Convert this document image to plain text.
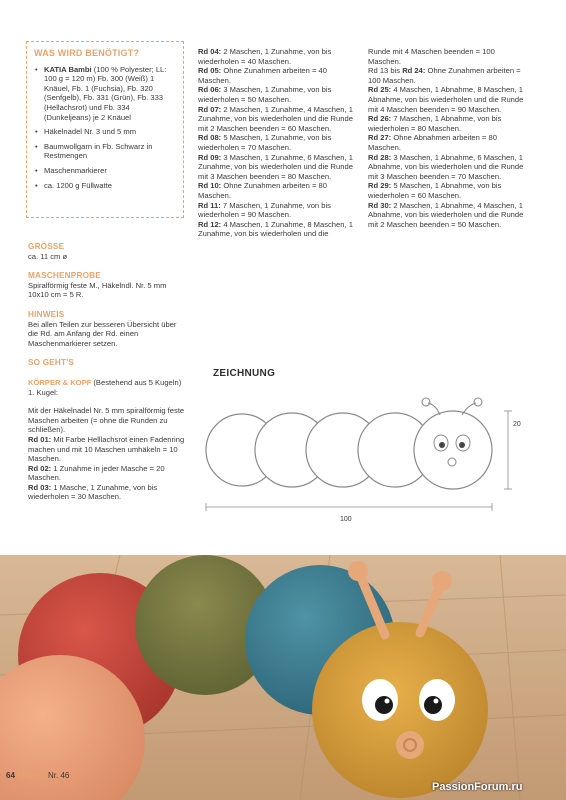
WAS WIRD BENÖTIGT?
• KATIA Bambi (100 % Polyester; LL: 100 g = 120 m) Fb. 300 (Weiß) 1 Knäuel, Fb. 1 (Fuchsia), Fb. 320 (Senfgelb), Fb. 331 (Grün), Fb. 333 (Hellachsrot) und Fb. 334 (Dunkeljeans) je 2 Knäuel
• Häkelnadel Nr. 3 und 5 mm
• Baumwollgarn in Fb. Schwarz in Restmengen
• Maschenmarkierer
• ca. 1200 g Füllwatte
GRÖSSE

ca. 11 cm ø

MASCHENPROBE

Spiralförmig feste M., Häkelndl. Nr. 5 mm 10x10 cm = 5 R.

HINWEIS

Bei allen Teilen zur besseren Übersicht über die Rd. am Anfang der Rd. einen Maschenmarkierer setzen.

SO GEHT'S

KÖRPER & KOPF (Bestehend aus 5 Kugeln)

1. Kugel:

Mit der Häkelnadel Nr. 5 mm spiralförmig feste Maschen arbeiten (= ohne die Runden zu schließen).

Rd 01: Mit Farbe Helllachsrot einen Fadenring machen und mit 10 Maschen umhäkeln = 10 Maschen.

Rd 02: 1 Zunahme in jeder Masche = 20 Maschen.

Rd 03: 1 Masche, 1 Zunahme, von bis wiederholen = 30 Maschen.

Rd 04: 2 Maschen, 1 Zunahme, von bis wiederholen = 40 Maschen.

Rd 05: Ohne Zunahmen arbeiten = 40 Maschen.

Rd 06: 3 Maschen, 1 Zunahme, von bis wiederholen = 50 Maschen.

Rd 07: 2 Maschen, 1 Zunahme, 4 Maschen, 1 Zunahme, von bis wiederholen und die Runde mit 2 Maschen beenden = 60 Maschen.

Rd 08: 5 Maschen, 1 Zunahme, von bis wiederholen = 70 Maschen.

Rd 09: 3 Maschen, 1 Zunahme, 6 Maschen, 1 Zunahme, von bis wiederholen und die Runde mit 3 Maschen beenden = 80 Maschen.

Rd 10: Ohne Zunahmen arbeiten = 80 Maschen.

Rd 11: 7 Maschen, 1 Zunahme, von bis wiederholen = 90 Maschen.

Rd 12: 4 Maschen, 1 Zunahme, 8 Maschen, 1 Zunahme, von bis wiederholen und die

Runde mit 4 Maschen beenden = 100 Maschen.

Rd 13 bis Rd 24: Ohne Zunahmen arbeiten = 100 Maschen.

Rd 25: 4 Maschen, 1 Abnahme, 8 Maschen, 1 Abnahme, von bis wiederholen und die Runde mit 4 Maschen beenden = 90 Maschen.

Rd 26: 7 Maschen, 1 Abnahme, von bis wiederholen = 80 Maschen.

Rd 27: Ohne Abnahmen arbeiten = 80 Maschen.

Rd 28: 3 Maschen, 1 Abnahme, 6 Maschen, 1 Abnahme, von bis wiederholen und die Runde mit 3 Maschen beenden = 70 Maschen.

Rd 29: 5 Maschen, 1 Abnahme, von bis wiederholen = 60 Maschen.

Rd 30: 2 Maschen, 1 Abnahme, 4 Maschen, 1 Abnahme, von bis wiederholen und die Runde mit 2 Maschen beenden = 50 Maschen.

ZEICHNUNG
100
20
64 • häkeln Nr. 46
PassionForum.ru
